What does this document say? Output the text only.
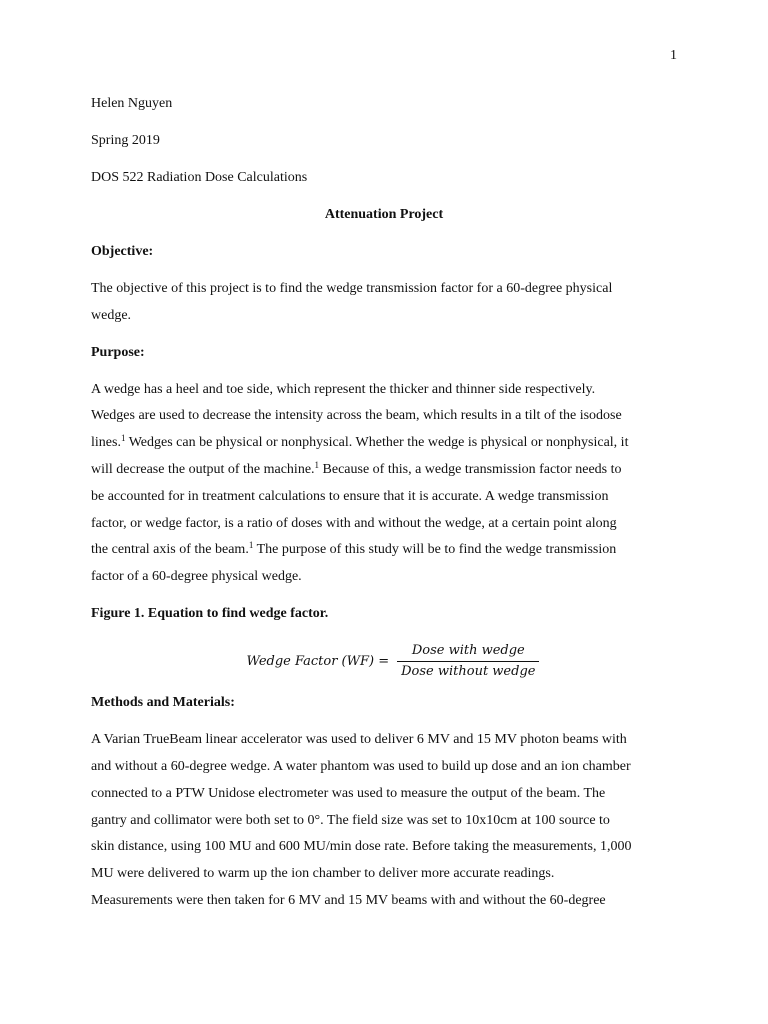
1
Helen Nguyen
Spring 2019
DOS 522 Radiation Dose Calculations
Attenuation Project
Objective:
The objective of this project is to find the wedge transmission factor for a 60-degree physical
wedge.
Purpose:
A wedge has a heel and toe side, which represent the thicker and thinner side respectively.
Wedges are used to decrease the intensity across the beam, which results in a tilt of the isodose
lines.$^1$ Wedges can be physical or nonphysical. Whether the wedge is physical or nonphysical, it
will decrease the output of the machine.$^1$ Because of this, a wedge transmission factor needs to
be accounted for in treatment calculations to ensure that it is accurate. A wedge transmission
factor, or wedge factor, is a ratio of doses with and without the wedge, at a certain point along
the central axis of the beam.$^1$ The purpose of this study will be to find the wedge transmission
factor of a 60-degree physical wedge.
Figure 1. Equation to find wedge factor.
Wedge Factor $(WF) = \frac{\text{Dose with wedge}}{\text{Dose without wedge}}$
Methods and Materials:
A Varian TrueBeam linear accelerator was used to deliver 6 MV and 15 MV photon beams with
and without a 60-degree wedge. A water phantom was used to build up dose and an ion chamber
connected to a PTW Unidose electrometer was used to measure the output of the beam. The
gantry and collimator were both set to 0°. The field size was set to 10x10cm at 100 source to
skin distance, using 100 MU and 600 MU/min dose rate. Before taking the measurements, 1,000
MU were delivered to warm up the ion chamber to deliver more accurate readings.
Measurements were then taken for 6 MV and 15 MV beams with and without the 60-degree
